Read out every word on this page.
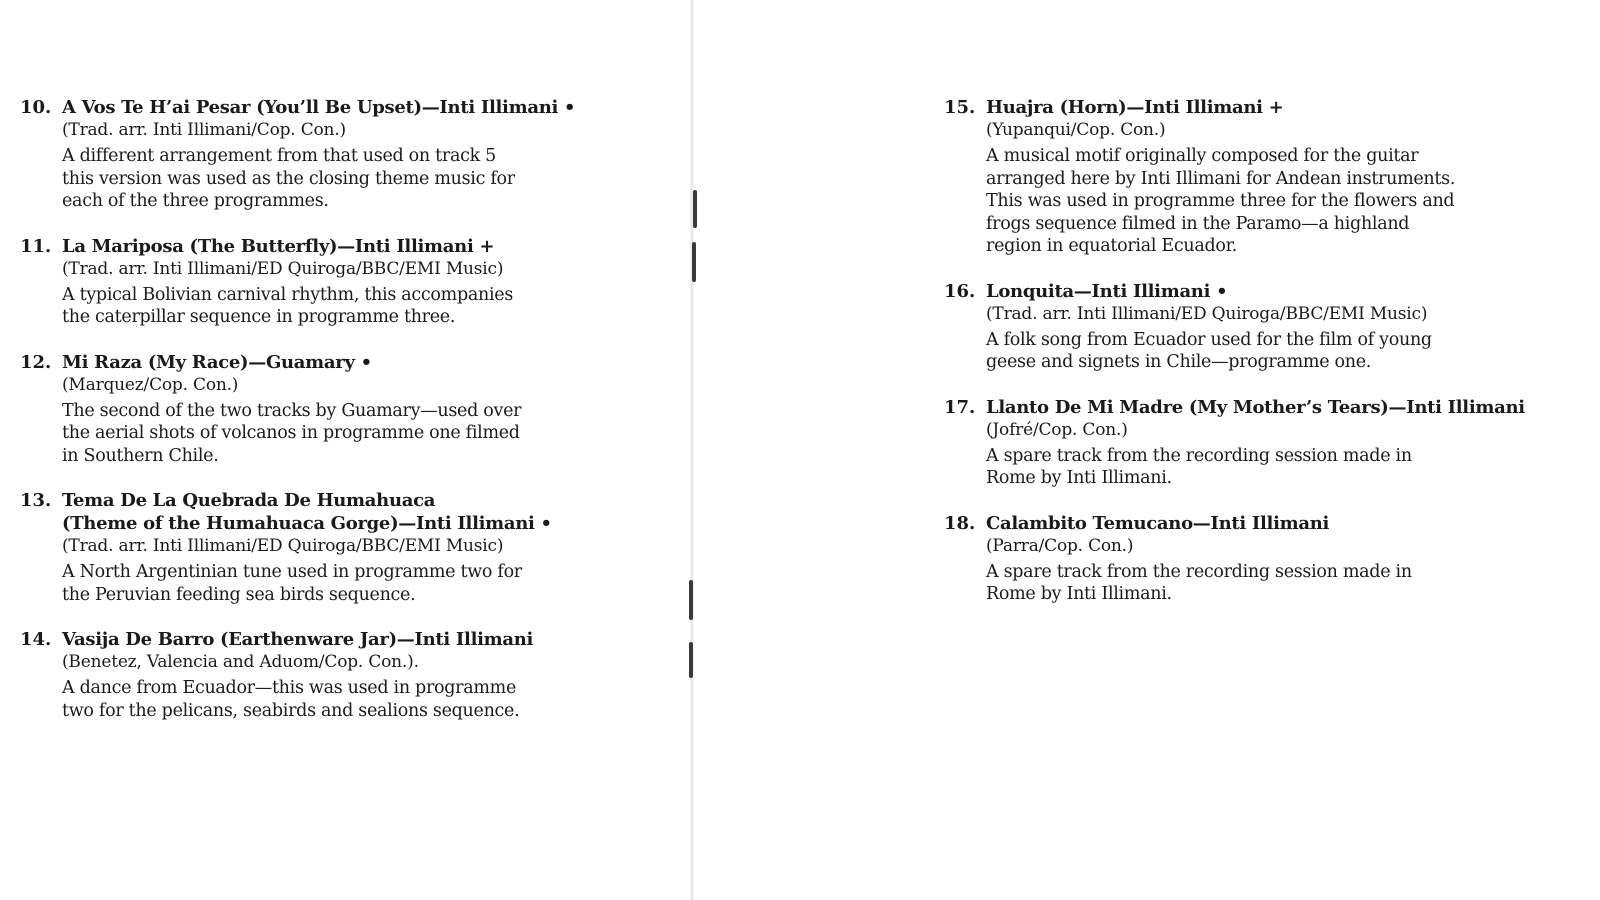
10. A Vos Te H’ai Pesar (You’ll Be Upset)—Inti Illimani •
(Trad. arr. Inti Illimani/Cop. Con.)
A different arrangement from that used on track 5
this version was used as the closing theme music for
each of the three programmes.
11. La Mariposa (The Butterfly)—Inti Illimani +
(Trad. arr. Inti Illimani/ED Quiroga/BBC/EMI Music)
A typical Bolivian carnival rhythm, this accompanies
the caterpillar sequence in programme three.
12. Mi Raza (My Race)—Guamary •
(Marquez/Cop. Con.)
The second of the two tracks by Guamary—used over
the aerial shots of volcanos in programme one filmed
in Southern Chile.
13. Tema De La Quebrada De Humahuaca
(Theme of the Humahuaca Gorge)—Inti Illimani •
(Trad. arr. Inti Illimani/ED Quiroga/BBC/EMI Music)
A North Argentinian tune used in programme two for
the Peruvian feeding sea birds sequence.
14. Vasija De Barro (Earthenware Jar)—Inti Illimani
(Benetez, Valencia and Aduom/Cop. Con.).
A dance from Ecuador—this was used in programme
two for the pelicans, seabirds and sealions sequence.
15. Huajra (Horn)—Inti Illimani +
(Yupanqui/Cop. Con.)
A musical motif originally composed for the guitar
arranged here by Inti Illimani for Andean instruments.
This was used in programme three for the flowers and
frogs sequence filmed in the Paramo—a highland
region in equatorial Ecuador.
16. Lonquita—Inti Illimani •
(Trad. arr. Inti Illimani/ED Quiroga/BBC/EMI Music)
A folk song from Ecuador used for the film of young
geese and signets in Chile—programme one.
17. Llanto De Mi Madre (My Mother’s Tears)—Inti Illimani
(Jofré/Cop. Con.)
A spare track from the recording session made in
Rome by Inti Illimani.
18. Calambito Temucano—Inti Illimani
(Parra/Cop. Con.)
A spare track from the recording session made in
Rome by Inti Illimani.
